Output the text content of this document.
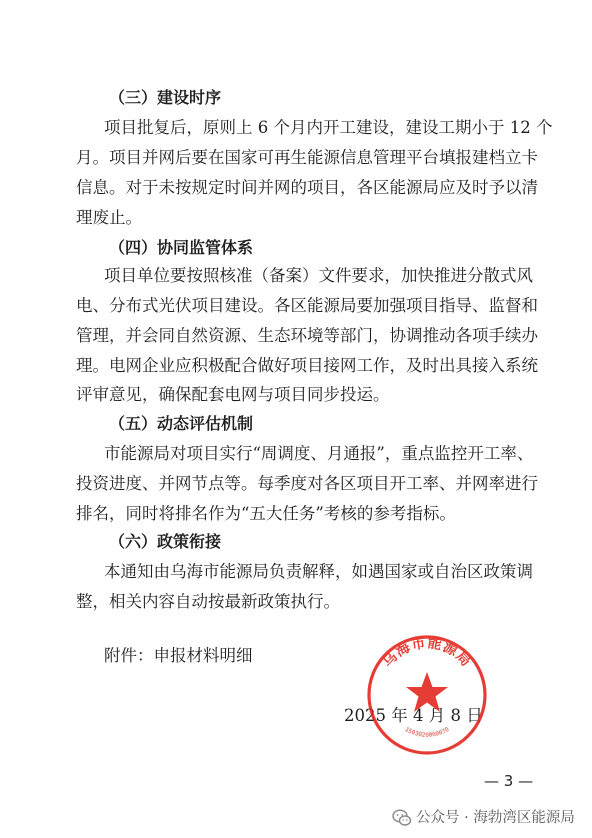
（三）建设时序
项目批复后，原则上 6 个月内开工建设，建设工期小于 12 个
月。项目并网后要在国家可再生能源信息管理平台填报建档立卡
信息。对于未按规定时间并网的项目，各区能源局应及时予以清
理废止。
（四）协同监管体系
项目单位要按照核准（备案）文件要求，加快推进分散式风
电、分布式光伏项目建设。各区能源局要加强项目指导、监督和
管理，并会同自然资源、生态环境等部门，协调推动各项手续办
理。电网企业应积极配合做好项目接网工作，及时出具接入系统
评审意见，确保配套电网与项目同步投运。
（五）动态评估机制
市能源局对项目实行“周调度、月通报”，重点监控开工率、
投资进度、并网节点等。每季度对各区项目开工率、并网率进行
排名，同时将排名作为“五大任务”考核的参考指标。
（六）政策衔接
本通知由乌海市能源局负责解释，如遇国家或自治区政策调
整，相关内容自动按最新政策执行。
附件：申报材料明细
2025 年 4 月 8 日
乌海市能源局
1503020060070
— 3 —
公众号 · 海勃湾区能源局
